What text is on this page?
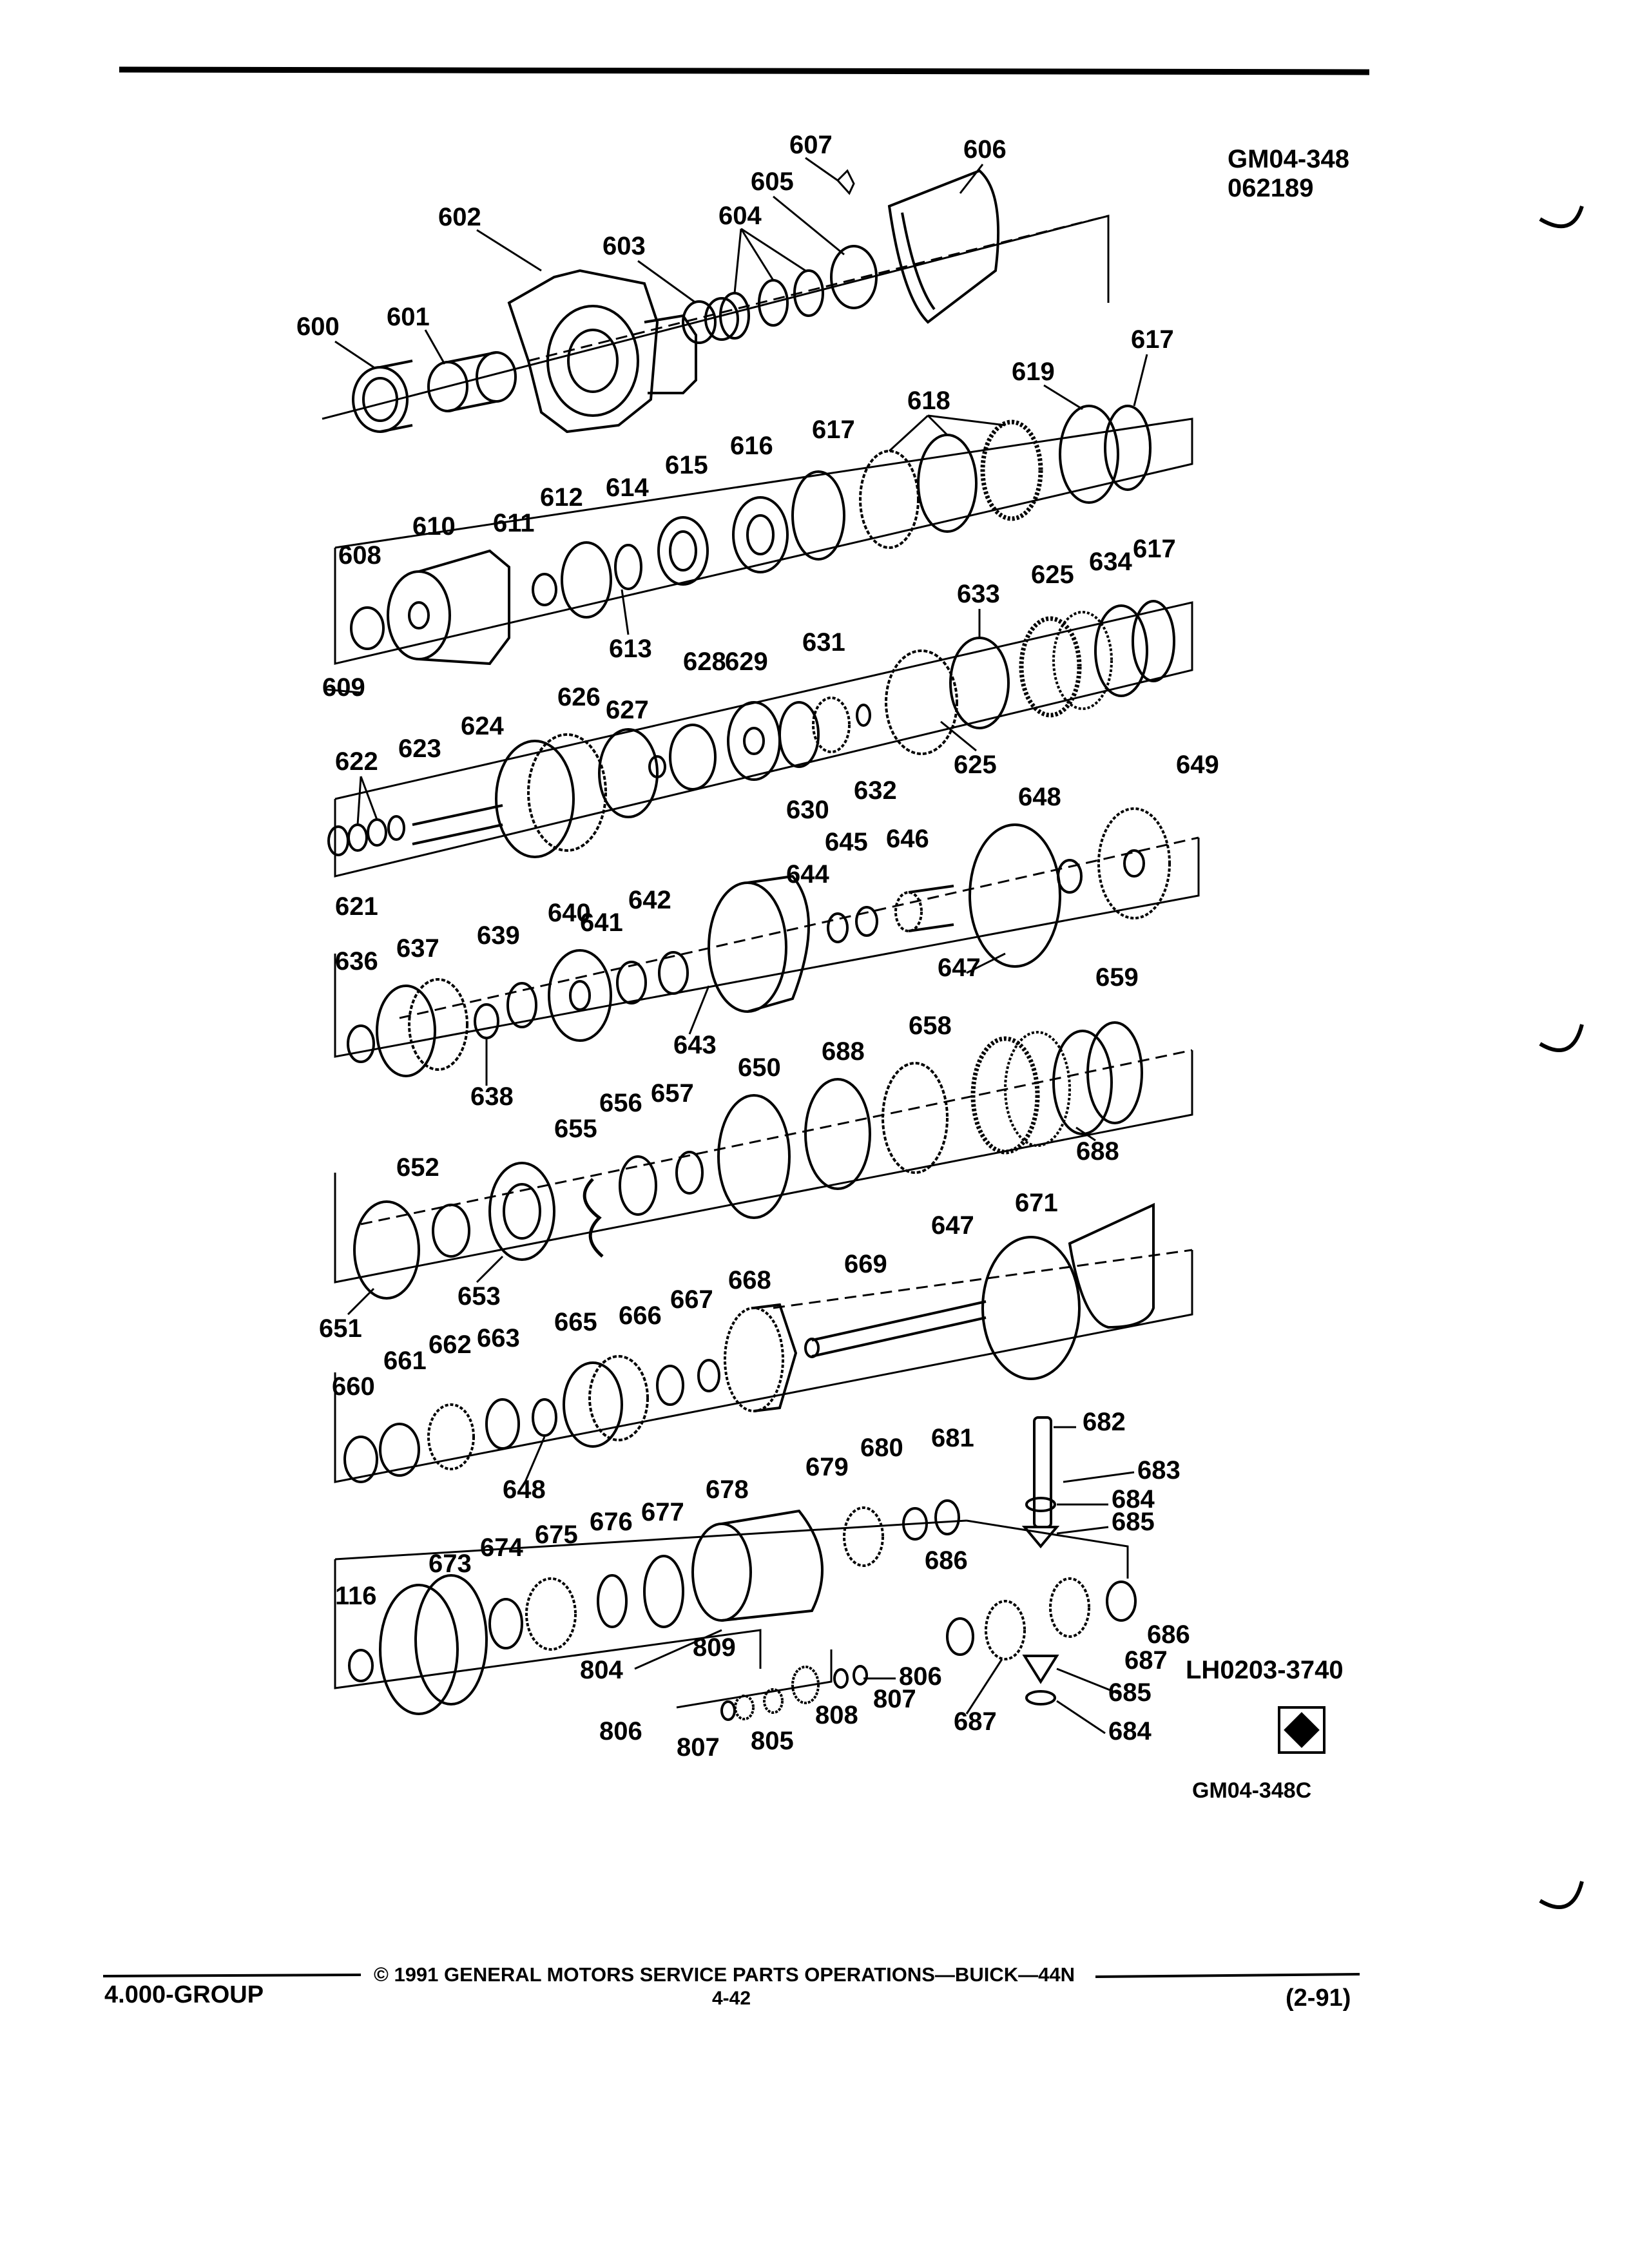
GM04-348
062189
607	606
605
604
602
603
601
600	617
619
618
617
616
615
614
612
610 611
608
613
609
625 634 617
633
631
628
629
626 627
624
622 623
625
632
630
649
648
645 646
644
642
621	640
641
639
637
636	647	659
658
643	688
650
638	657
656
655
688
652
671
647
669
653
668
667
666
651	665
663
662
661
660
682
681
680
679	683
648	678	684
677	685
676
675
674
673	686
116
686
687
809
804	806
685
807
808	687
806	684
805
807
LH0203-3740
GM04-348C
4.000-GROUP
© 1991 GENERAL MOTORS SERVICE PARTS OPERATIONS—BUICK—44N
4-42	(2-91)
